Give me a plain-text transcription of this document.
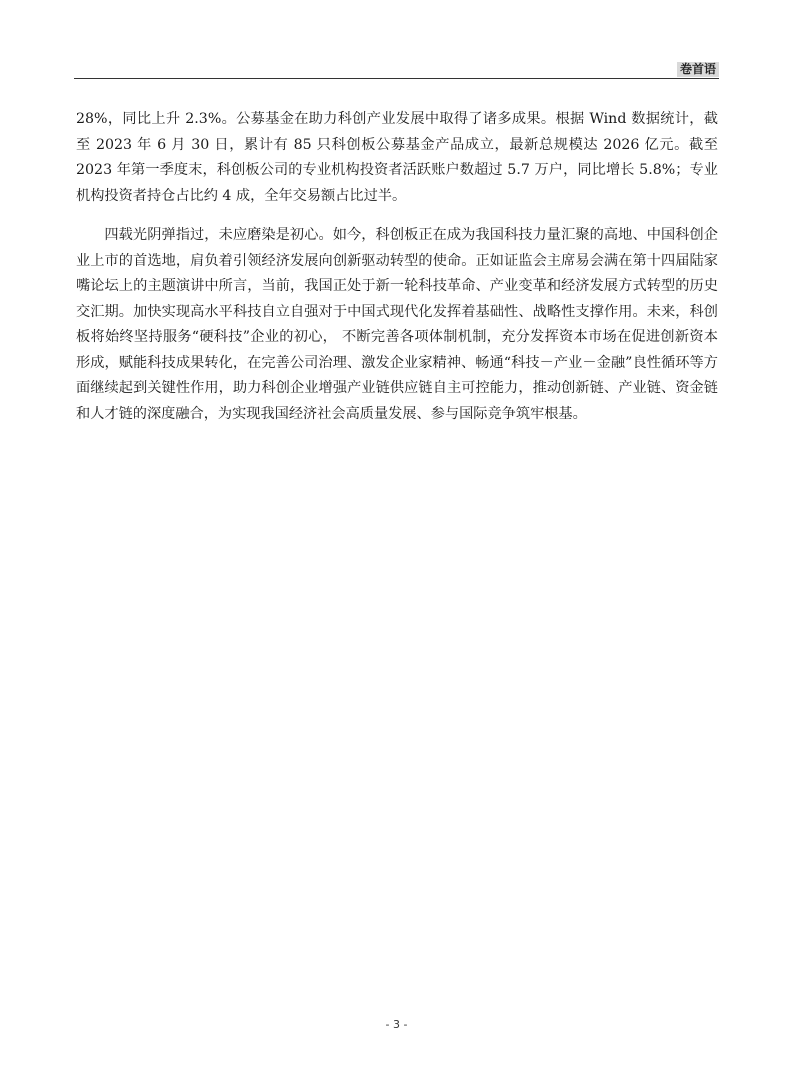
卷首语

28%，同比上升 2.3%。公募基金在助力科创产业发展中取得了诸多成果。根据 Wind 数据统计，截至 2023 年 6 月 30 日，累计有 85 只科创板公募基金产品成立，最新总规模达 2026 亿元。截至 2023 年第一季度末，科创板公司的专业机构投资者活跃账户数超过 5.7 万户，同比增长 5.8%；专业机构投资者持仓占比约 4 成，全年交易额占比过半。

四载光阴弹指过，未应磨染是初心。如今，科创板正在成为我国科技力量汇聚的高地、中国科创企业上市的首选地，肩负着引领经济发展向创新驱动转型的使命。正如证监会主席易会满在第十四届陆家嘴论坛上的主题演讲中所言，当前，我国正处于新一轮科技革命、产业变革和经济发展方式转型的历史交汇期。加快实现高水平科技自立自强对于中国式现代化发挥着基础性、战略性支撑作用。未来，科创板将始终坚持服务“硬科技”企业的初心， 不断完善各项体制机制，充分发挥资本市场在促进创新资本形成，赋能科技成果转化，在完善公司治理、激发企业家精神、畅通“科技－产业－金融”良性循环等方面继续起到关键性作用，助力科创企业增强产业链供应链自主可控能力，推动创新链、产业链、资金链和人才链的深度融合，为实现我国经济社会高质量发展、参与国际竞争筑牢根基。

- 3 -
